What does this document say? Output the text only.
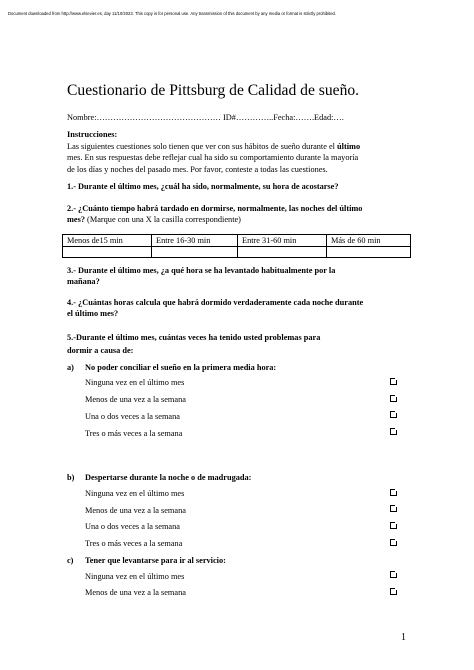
Document downloaded from http://www.elsevier.es, day 11/10/2023. This copy is for personal use. Any transmission of this document by any media or format is strictly prohibited.
Cuestionario de Pittsburg de Calidad de sueño.
Nombre:……………………………………… ID#…………..Fecha:…….Edad:….
Instrucciones:
Las siguientes cuestiones solo tienen que ver con sus hábitos de sueño durante el último
mes. En sus respuestas debe reflejar cual ha sido su comportamiento durante la mayoría
de los días y noches del pasado mes. Por favor, conteste a todas las cuestiones.
1.- Durante el último mes, ¿cuál ha sido, normalmente, su hora de acostarse?
2.- ¿Cuánto tiempo habrá tardado en dormirse, normalmente, las noches del último
mes? (Marque con una X la casilla correspondiente)
Menos de15 min	Entre 16-30 min	Entre 31-60 min	Más de 60 min

3.- Durante el último mes, ¿a qué hora se ha levantado habitualmente por la
mañana?
4.- ¿Cuántas horas calcula que habrá dormido verdaderamente cada noche durante
el último mes?
5.-Durante el último mes, cuántas veces ha tenido usted problemas para
dormir a causa de:
a) No poder conciliar el sueño en la primera media hora:
Ninguna vez en el último mes
Menos de una vez a la semana
Una o dos veces a la semana
Tres o más veces a la semana
b) Despertarse durante la noche o de madrugada:
Ninguna vez en el último mes
Menos de una vez a la semana
Una o dos veces a la semana
Tres o más veces a la semana
c) Tener que levantarse para ir al servicio:
Ninguna vez en el último mes
Menos de una vez a la semana
1
